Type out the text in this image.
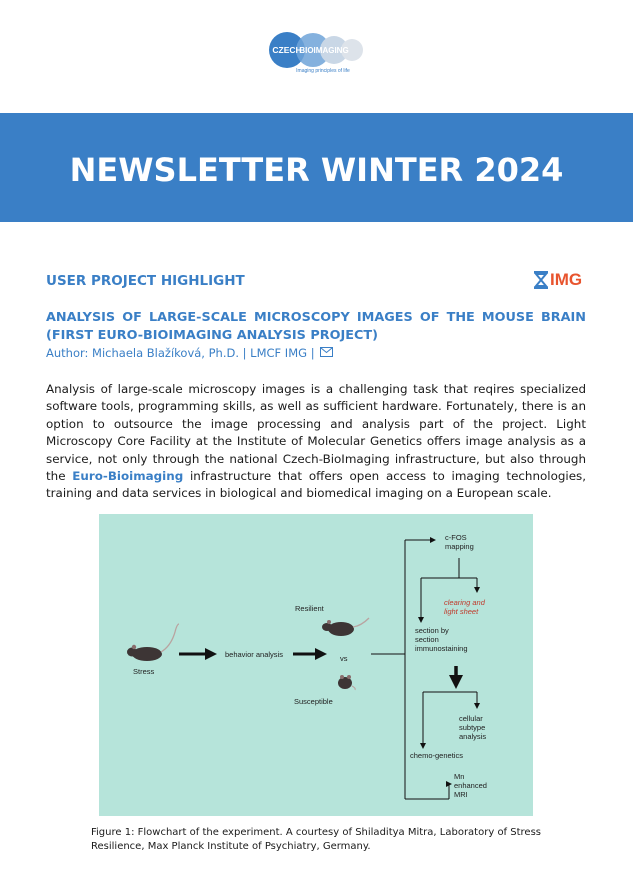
CZECH
BIOIMAGING
Imaging principles of life
NEWSLETTER WINTER 2024
USER PROJECT HIGHLIGHT	IMG
ANALYSIS OF LARGE-SCALE MICROSCOPY IMAGES OF THE MOUSE BRAIN (FIRST EURO-BIOIMAGING ANALYSIS PROJECT)
Author: Michaela Blažíková, Ph.D. | LMCF IMG |
Analysis of large-scale microscopy images is a challenging task that reqires specialized software tools, programming skills, as well as sufficient hardware. Fortunately, there is an option to outsource the image processing and analysis part of the project. Light Microscopy Core Facility at the Institute of Molecular Genetics offers image analysis as a service, not only through the national Czech-BioImaging infrastructure, but also through the Euro-Bioimaging infrastructure that offers open access to imaging technologies, training and data services in biological and biomedical imaging on a European scale.
Stress
behavior analysis
Resilient
vs
Susceptible
c-FOS
mapping
clearing and
light sheet
section by
section
immunostaining
cellular
subtype
analysis
chemo-genetics
Mn
enhanced
MRI
Figure 1: Flowchart of the experiment. A courtesy of Shiladitya Mitra, Laboratory of Stress Resilience, Max Planck Institute of Psychiatry, Germany.
